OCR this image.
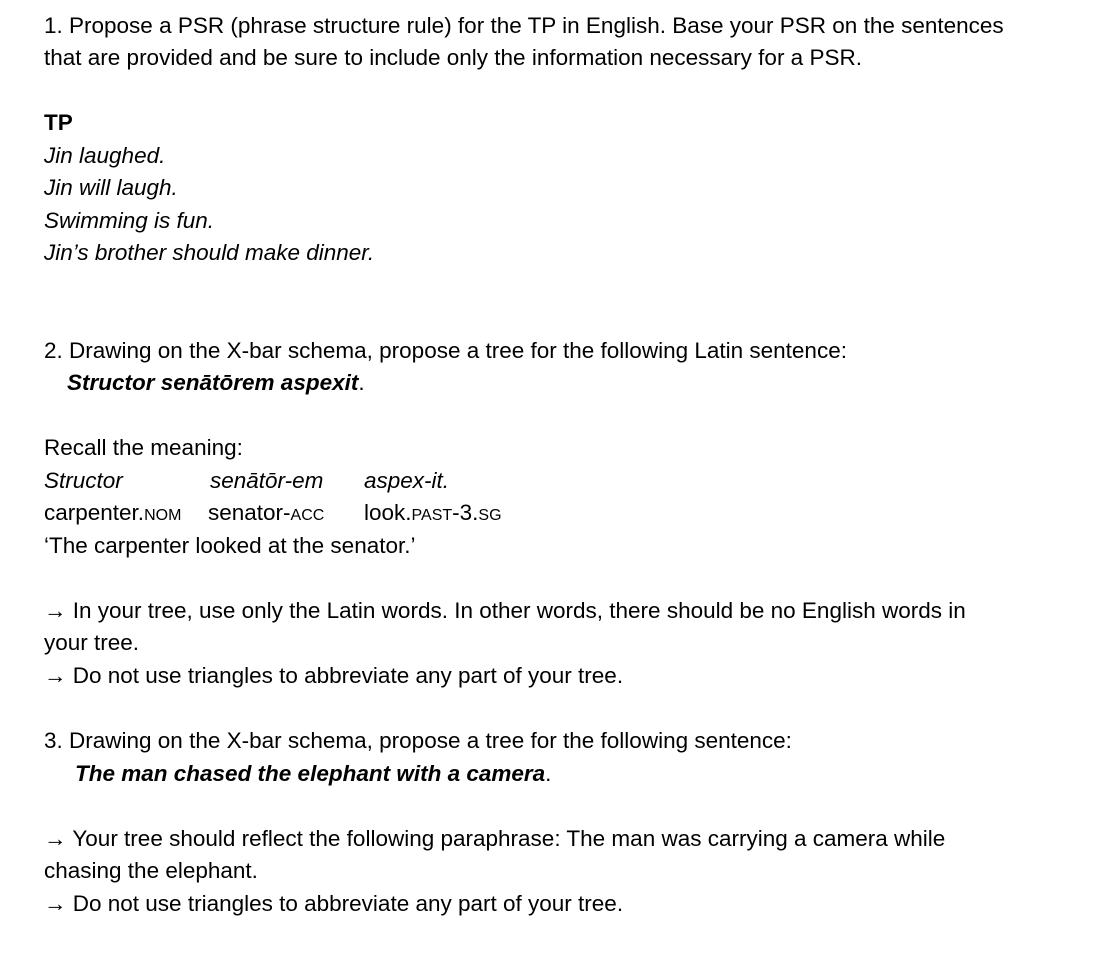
1. Propose a PSR (phrase structure rule) for the TP in English. Base your PSR on the sentences
that are provided and be sure to include only the information necessary for a PSR.
TP
Jin laughed.
Jin will laugh.
Swimming is fun.
Jin’s brother should make dinner.
2. Drawing on the X-bar schema, propose a tree for the following Latin sentence:
Structor senātōrem aspexit.
Recall the meaning:
Structor	senātōr-em aspex-it.
carpenter.nom senator-acc look.past-3.sg
‘The carpenter looked at the senator.’
→ In your tree, use only the Latin words. In other words, there should be no English words in
your tree.
→ Do not use triangles to abbreviate any part of your tree.
3. Drawing on the X-bar schema, propose a tree for the following sentence:
The man chased the elephant with a camera.
→ Your tree should reflect the following paraphrase: The man was carrying a camera while
chasing the elephant.
→ Do not use triangles to abbreviate any part of your tree.
